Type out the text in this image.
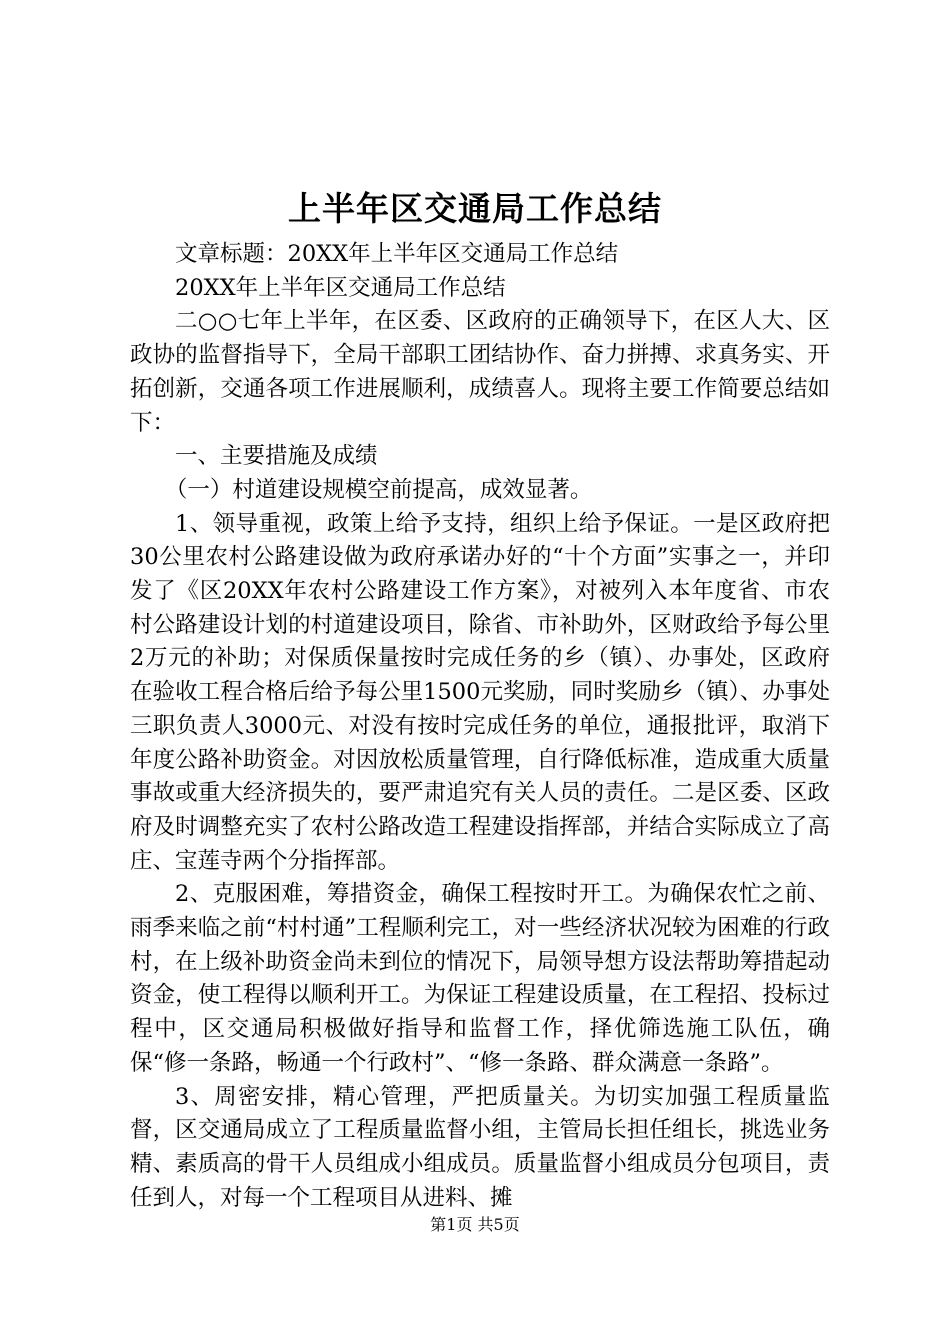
上半年区交通局工作总结

文章标题：20XX年上半年区交通局工作总结

20XX年上半年区交通局工作总结

二○○七年上半年，在区委、区政府的正确领导下，在区人大、区政协的监督指导下，全局干部职工团结协作、奋力拼搏、求真务实、开拓创新，交通各项工作进展顺利，成绩喜人。现将主要工作简要总结如下：

一、主要措施及成绩

（一）村道建设规模空前提高，成效显著。

1、领导重视，政策上给予支持，组织上给予保证。一是区政府把30公里农村公路建设做为政府承诺办好的“十个方面”实事之一，并印发了《区20XX年农村公路建设工作方案》，对被列入本年度省、市农村公路建设计划的村道建设项目，除省、市补助外，区财政给予每公里2万元的补助；对保质保量按时完成任务的乡（镇）、办事处，区政府在验收工程合格后给予每公里1500元奖励，同时奖励乡（镇）、办事处三职负责人3000元、对没有按时完成任务的单位，通报批评，取消下年度公路补助资金。对因放松质量管理，自行降低标准，造成重大质量事故或重大经济损失的，要严肃追究有关人员的责任。二是区委、区政府及时调整充实了农村公路改造工程建设指挥部，并结合实际成立了高庄、宝莲寺两个分指挥部。

2、克服困难，筹措资金，确保工程按时开工。为确保农忙之前、雨季来临之前“村村通”工程顺利完工，对一些经济状况较为困难的行政村，在上级补助资金尚未到位的情况下，局领导想方设法帮助筹措起动资金，使工程得以顺利开工。为保证工程建设质量，在工程招、投标过程中，区交通局积极做好指导和监督工作，择优筛选施工队伍，确保“修一条路，畅通一个行政村”、“修一条路、群众满意一条路”。

3、周密安排，精心管理，严把质量关。为切实加强工程质量监督，区交通局成立了工程质量监督小组，主管局长担任组长，挑选业务精、素质高的骨干人员组成小组成员。质量监督小组成员分包项目，责任到人，对每一个工程项目从进料、摊

第1页 共5页
